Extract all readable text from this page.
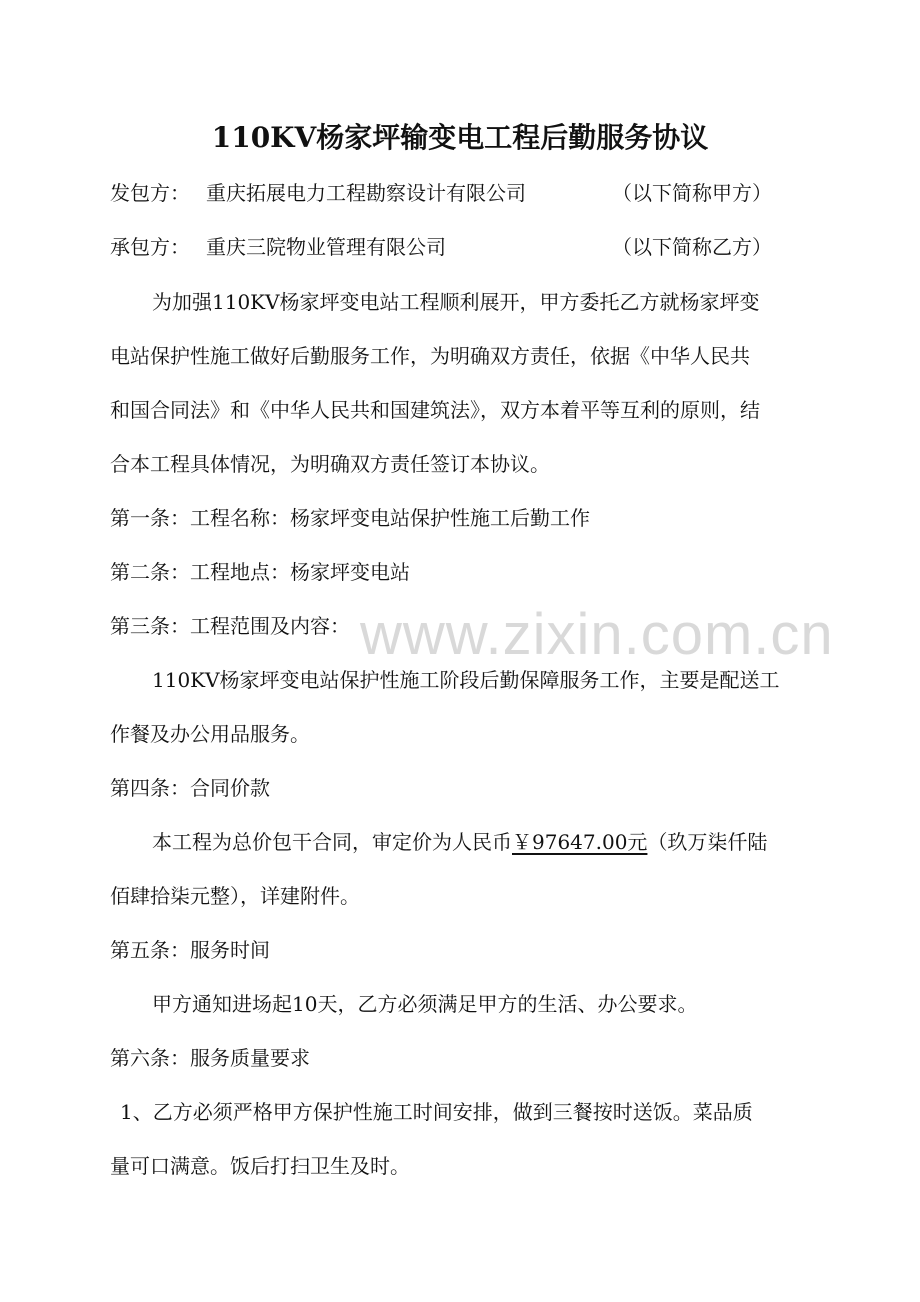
www.zixin.com.cn
110KV杨家坪输变电工程后勤服务协议
发包方： 重庆拓展电力工程勘察设计有限公司	（以下简称甲方）
承包方： 重庆三院物业管理有限公司	（以下简称乙方）
为加强110KV杨家坪变电站工程顺利展开，甲方委托乙方就杨家坪变
电站保护性施工做好后勤服务工作，为明确双方责任，依据《中华人民共
和国合同法》和《中华人民共和国建筑法》，双方本着平等互利的原则，结
合本工程具体情况，为明确双方责任签订本协议。
第一条：工程名称：杨家坪变电站保护性施工后勤工作
第二条：工程地点：杨家坪变电站
第三条：工程范围及内容：
110KV杨家坪变电站保护性施工阶段后勤保障服务工作，主要是配送工
作餐及办公用品服务。
第四条：合同价款
本工程为总价包干合同，审定价为人民币￥97647.00元（玖万柒仟陆
佰肆拾柒元整），详建附件。
第五条：服务时间
甲方通知进场起10天，乙方必须满足甲方的生活、办公要求。
第六条：服务质量要求
1、乙方必须严格甲方保护性施工时间安排，做到三餐按时送饭。菜品质
量可口满意。饭后打扫卫生及时。
